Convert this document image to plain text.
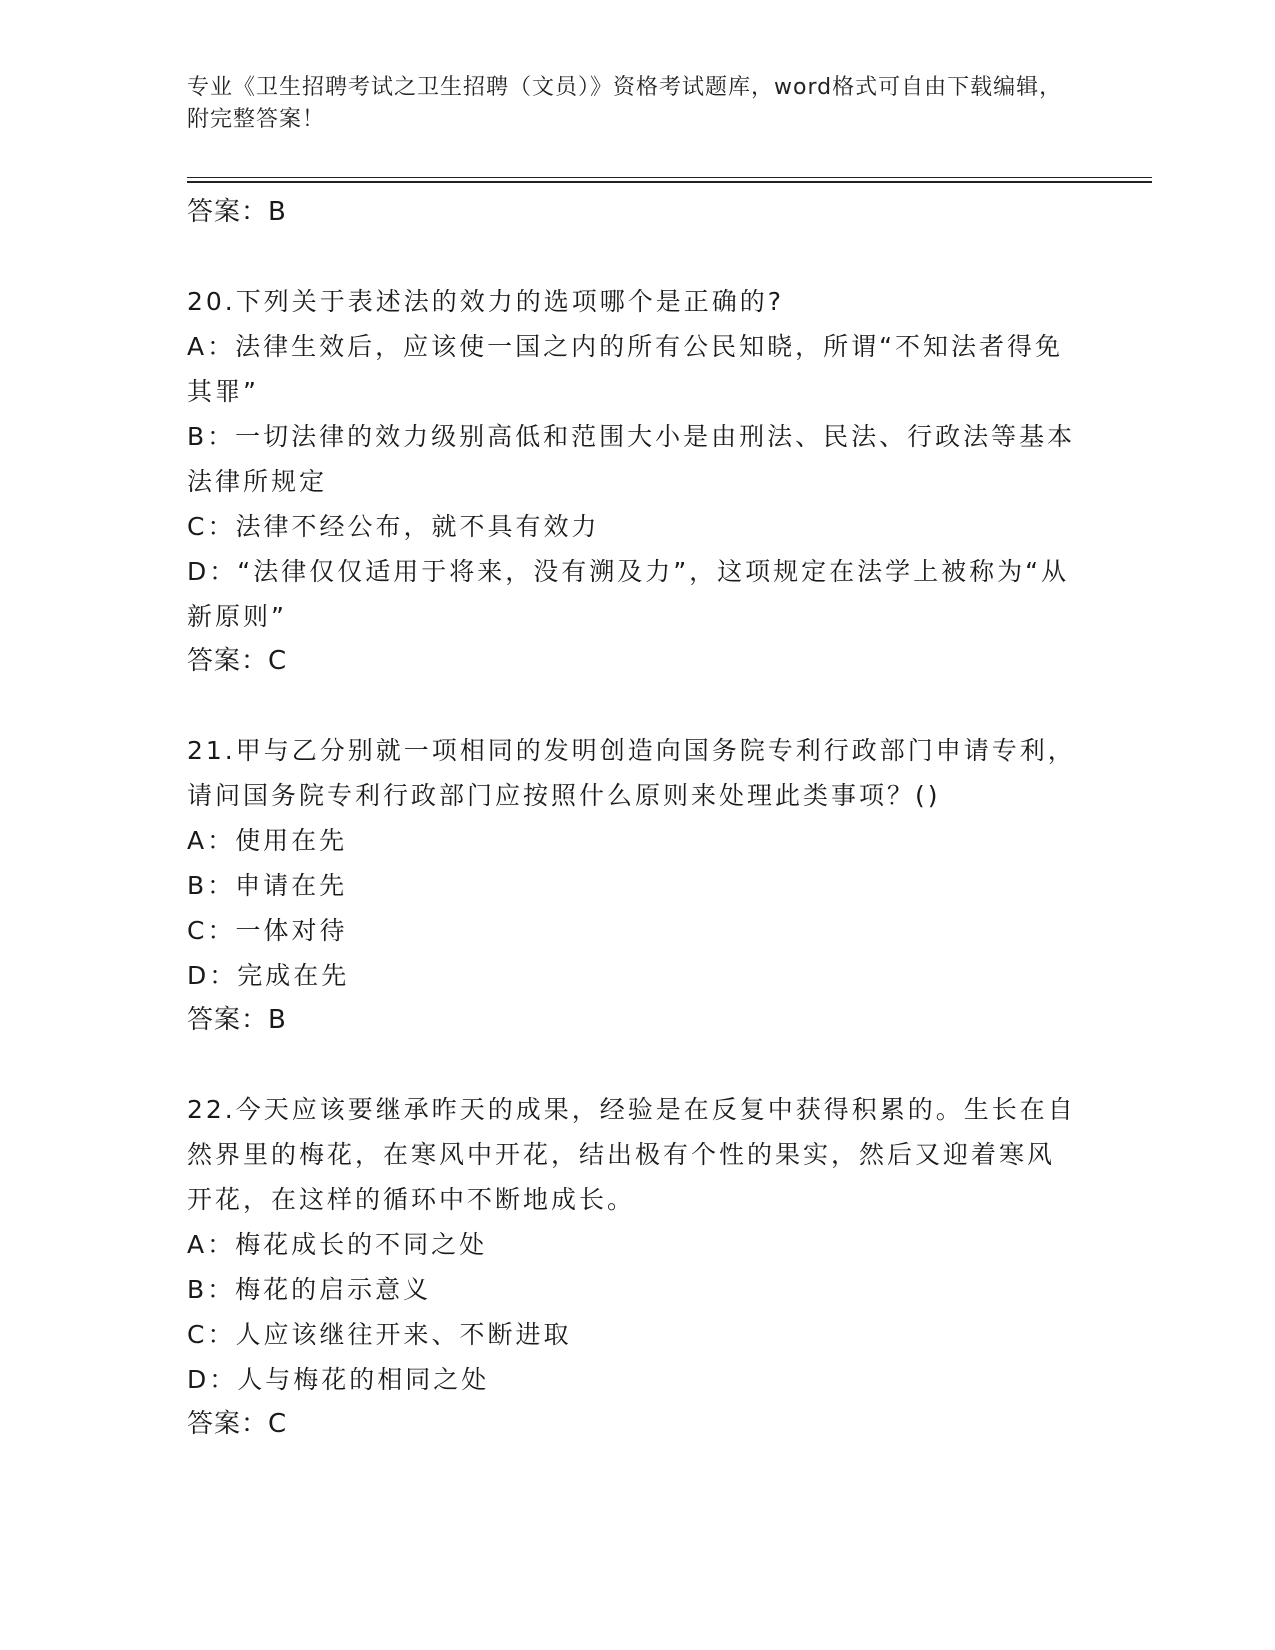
专业《卫生招聘考试之卫生招聘（文员）》资格考试题库，word格式可自由下载编辑，附完整答案！
答案：B
20.下列关于表述法的效力的选项哪个是正确的?
A：法律生效后，应该使一国之内的所有公民知晓，所谓“不知法者得免其罪”
B：一切法律的效力级别高低和范围大小是由刑法、民法、行政法等基本法律所规定
C：法律不经公布，就不具有效力
D：“法律仅仅适用于将来，没有溯及力”，这项规定在法学上被称为“从新原则”
答案：C
21.甲与乙分别就一项相同的发明创造向国务院专利行政部门申请专利，请问国务院专利行政部门应按照什么原则来处理此类事项？()
A：使用在先
B：申请在先
C：一体对待
D：完成在先
答案：B
22.今天应该要继承昨天的成果，经验是在反复中获得积累的。生长在自然界里的梅花，在寒风中开花，结出极有个性的果实，然后又迎着寒风开花，在这样的循环中不断地成长。
A：梅花成长的不同之处
B：梅花的启示意义
C：人应该继往开来、不断进取
D：人与梅花的相同之处
答案：C
